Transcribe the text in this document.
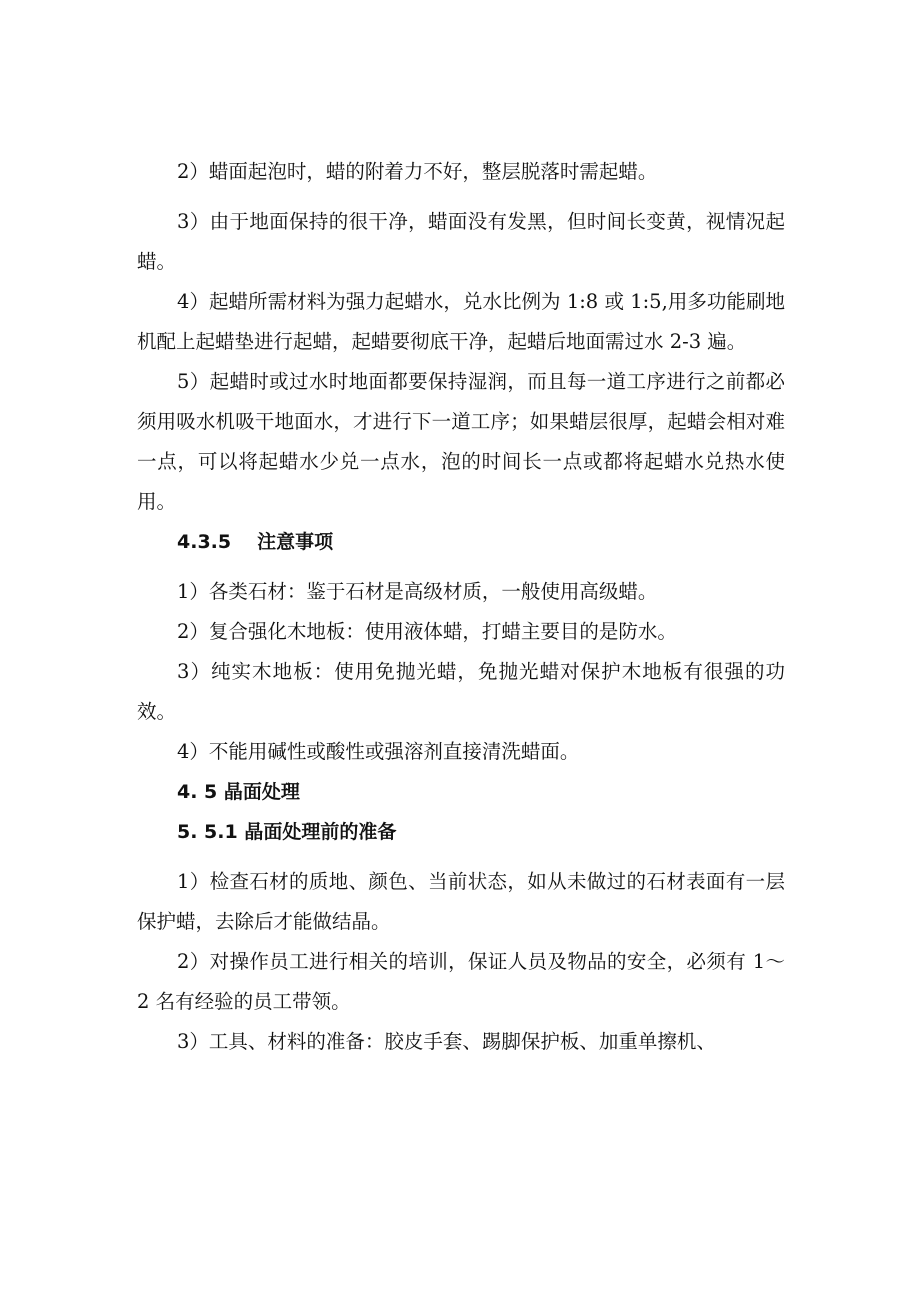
2）蜡面起泡时，蜡的附着力不好，整层脱落时需起蜡。

3）由于地面保持的很干净，蜡面没有发黑，但时间长变黄，视情况起蜡。

4）起蜡所需材料为强力起蜡水，兑水比例为 1:8 或 1:5,用多功能刷地机配上起蜡垫进行起蜡，起蜡要彻底干净，起蜡后地面需过水 2-3 遍。

5）起蜡时或过水时地面都要保持湿润，而且每一道工序进行之前都必须用吸水机吸干地面水，才进行下一道工序；如果蜡层很厚，起蜡会相对难一点，可以将起蜡水少兑一点水，泡的时间长一点或都将起蜡水兑热水使用。

4.3.5 注意事项

1）各类石材：鉴于石材是高级材质，一般使用高级蜡。

2）复合强化木地板：使用液体蜡，打蜡主要目的是防水。

3）纯实木地板：使用免抛光蜡，免抛光蜡对保护木地板有很强的功效。

4）不能用碱性或酸性或强溶剂直接清洗蜡面。

4. 5 晶面处理

5. 5.1 晶面处理前的准备

1）检查石材的质地、颜色、当前状态，如从未做过的石材表面有一层保护蜡，去除后才能做结晶。

2）对操作员工进行相关的培训，保证人员及物品的安全，必须有 1～2 名有经验的员工带领。

3）工具、材料的准备：胶皮手套、踢脚保护板、加重单擦机、
